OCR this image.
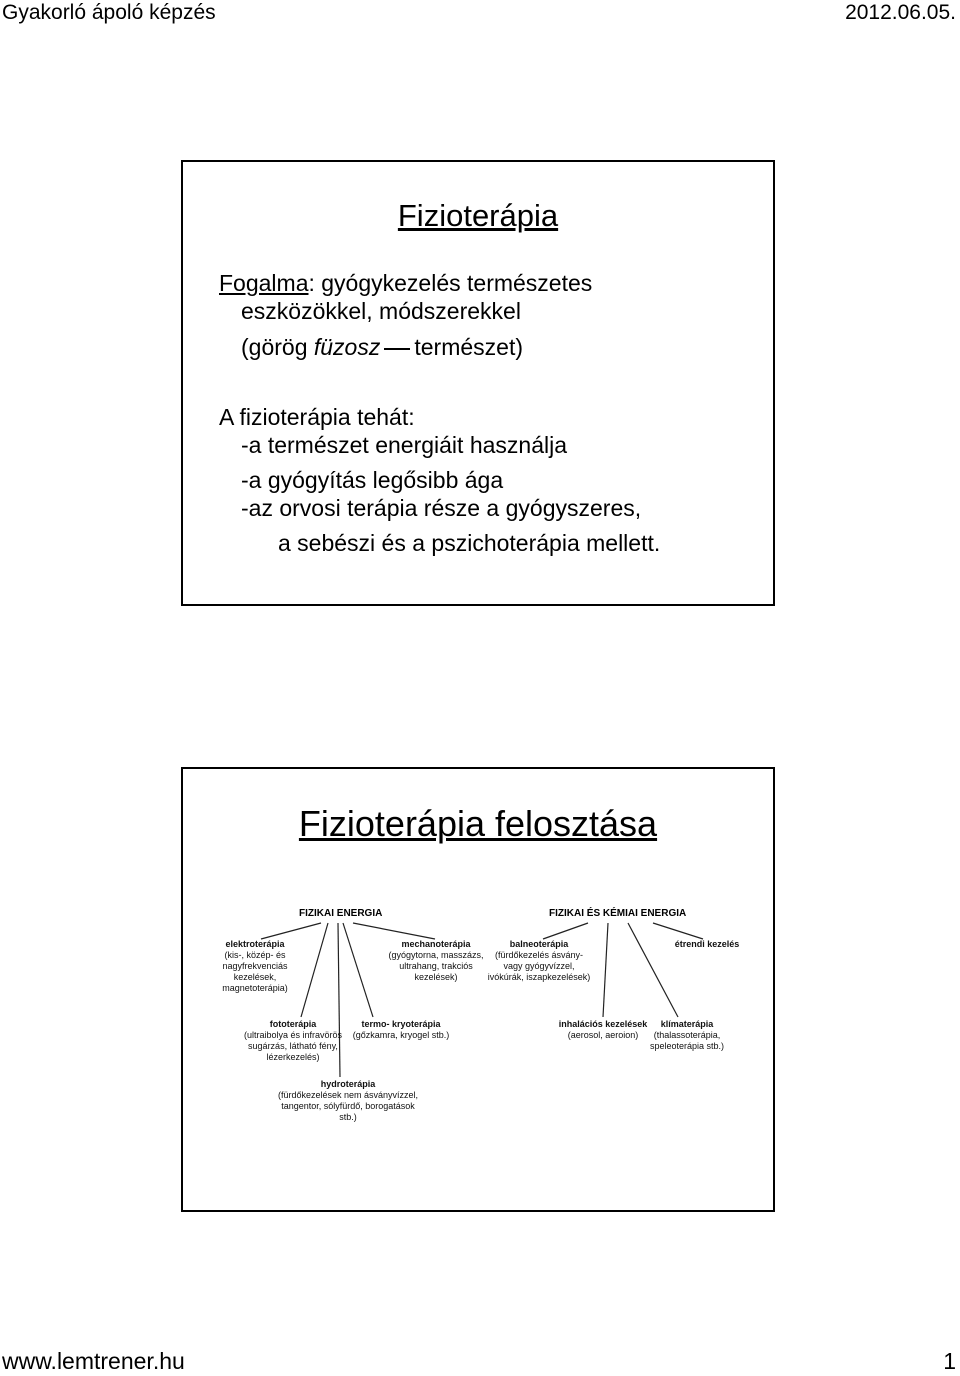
Gyakorló ápoló képzés	2012.06.05.
Fizioterápia
Fogalma: gyógykezelés természetes
eszközökkel, módszerekkel
(görög füzosz természet)
A fizioterápia tehát:
-a természet energiáit használja
-a gyógyítás legősibb ága
-az orvosi terápia része a gyógyszeres,
a sebészi és a pszichoterápia mellett.
Fizioterápia felosztása
FIZIKAI ENERGIA	FIZIKAI ÉS KÉMIAI ENERGIA
elektroterápia
(kis-, közép- és nagyfrekvenciás kezelések, magnetoterápia)
mechanoterápia
(gyógytorna, masszázs, ultrahang, trakciós kezelések)
balneoterápia
(fürdőkezelés ásvány- vagy gyógyvízzel, ivókúrák, iszapkezelések)
étrendi kezelés
fototerápia
(ultraibolya és infravörös sugárzás, látható fény, lézerkezelés)
termo- kryoterápia
(gőzkamra, kryogel stb.)
inhalációs kezelések
(aerosol, aeroion)
klímaterápia
(thalassoterápia, speleoterápia stb.)
hydroterápia
(fürdőkezelések nem ásványvízzel, tangentor, sólyfürdő, borogatások stb.)
www.lemtrener.hu	1
